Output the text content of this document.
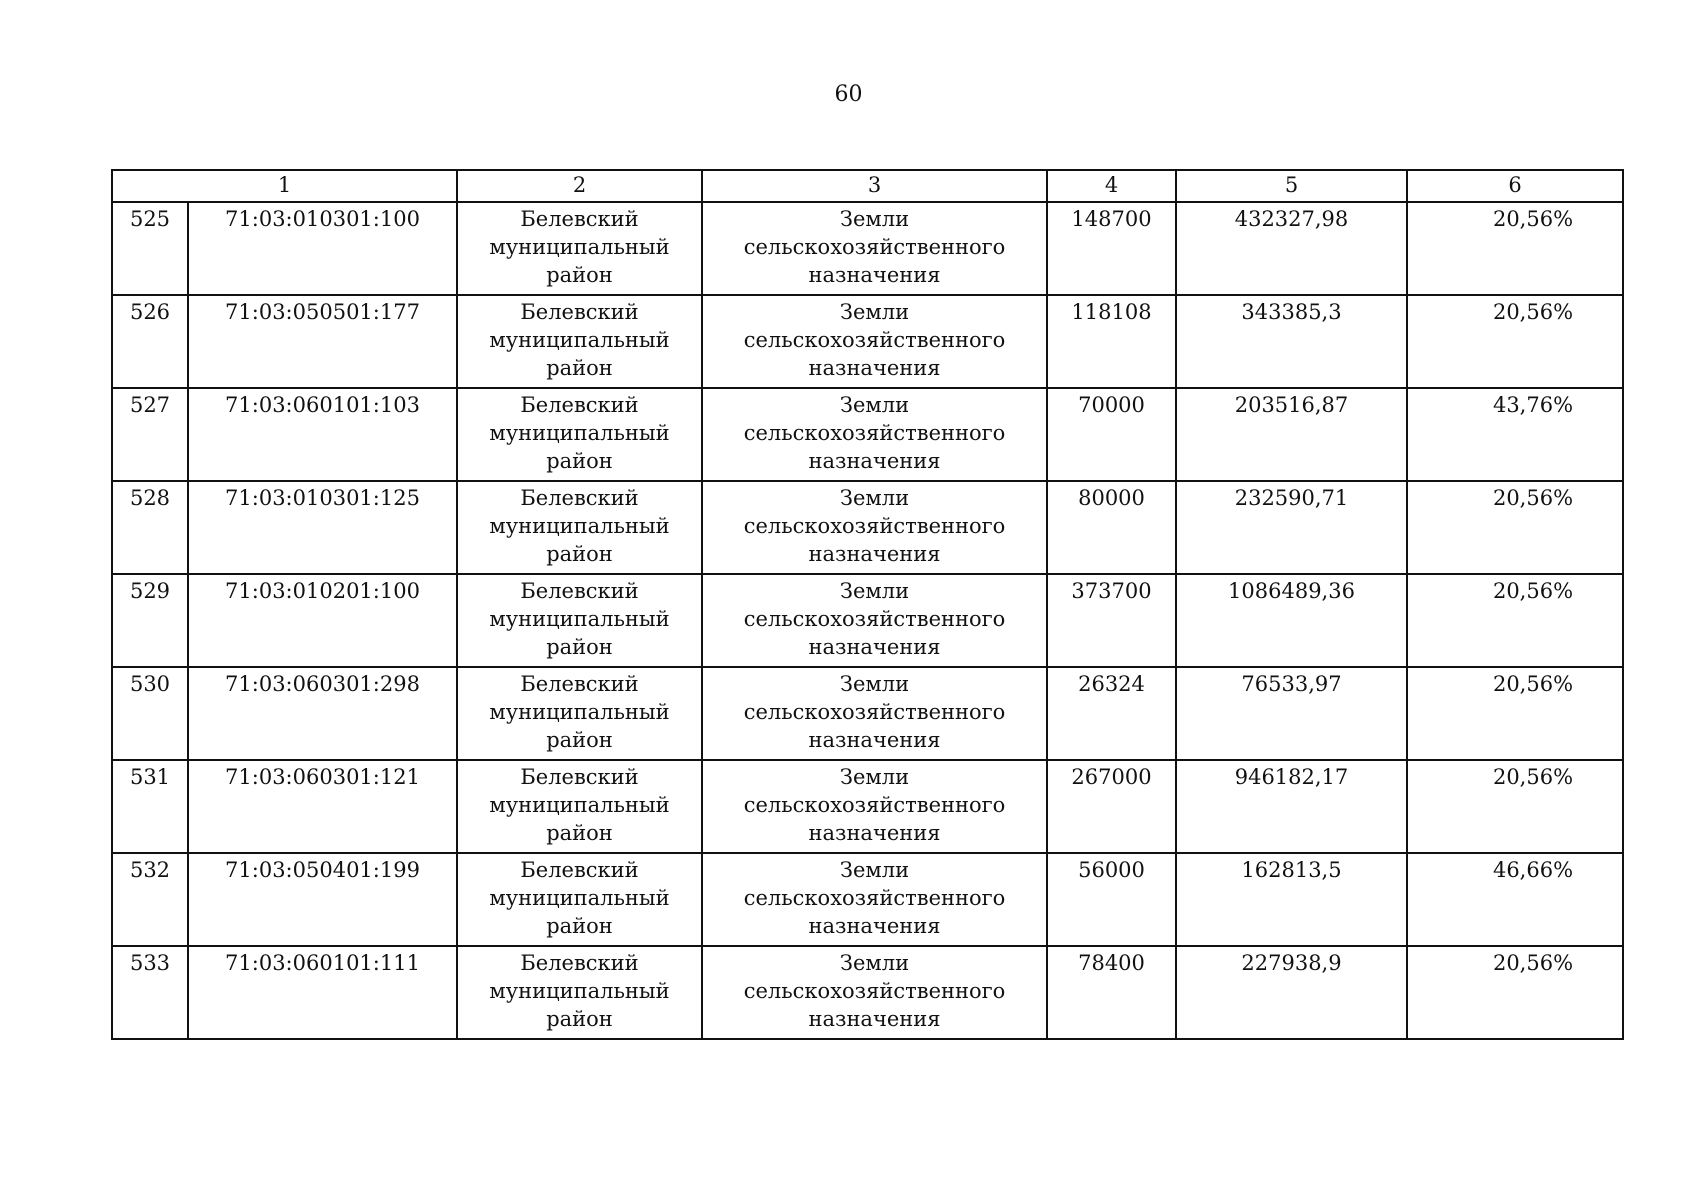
60
1		2	3	4	5	6
525	71:03:010301:100	Белевский муниципальный район	Земли сельскохозяйственного назначения	148700	432327,98	20,56%
526	71:03:050501:177	Белевский муниципальный район	Земли сельскохозяйственного назначения	118108	343385,3	20,56%
527	71:03:060101:103	Белевский муниципальный район	Земли сельскохозяйственного назначения	70000	203516,87	43,76%
528	71:03:010301:125	Белевский муниципальный район	Земли сельскохозяйственного назначения	80000	232590,71	20,56%
529	71:03:010201:100	Белевский муниципальный район	Земли сельскохозяйственного назначения	373700	1086489,36	20,56%
530	71:03:060301:298	Белевский муниципальный район	Земли сельскохозяйственного назначения	26324	76533,97	20,56%
531	71:03:060301:121	Белевский муниципальный район	Земли сельскохозяйственного назначения	267000	946182,17	20,56%
532	71:03:050401:199	Белевский муниципальный район	Земли сельскохозяйственного назначения	56000	162813,5	46,66%
533	71:03:060101:111	Белевский муниципальный район	Земли сельскохозяйственного назначения	78400	227938,9	20,56%
